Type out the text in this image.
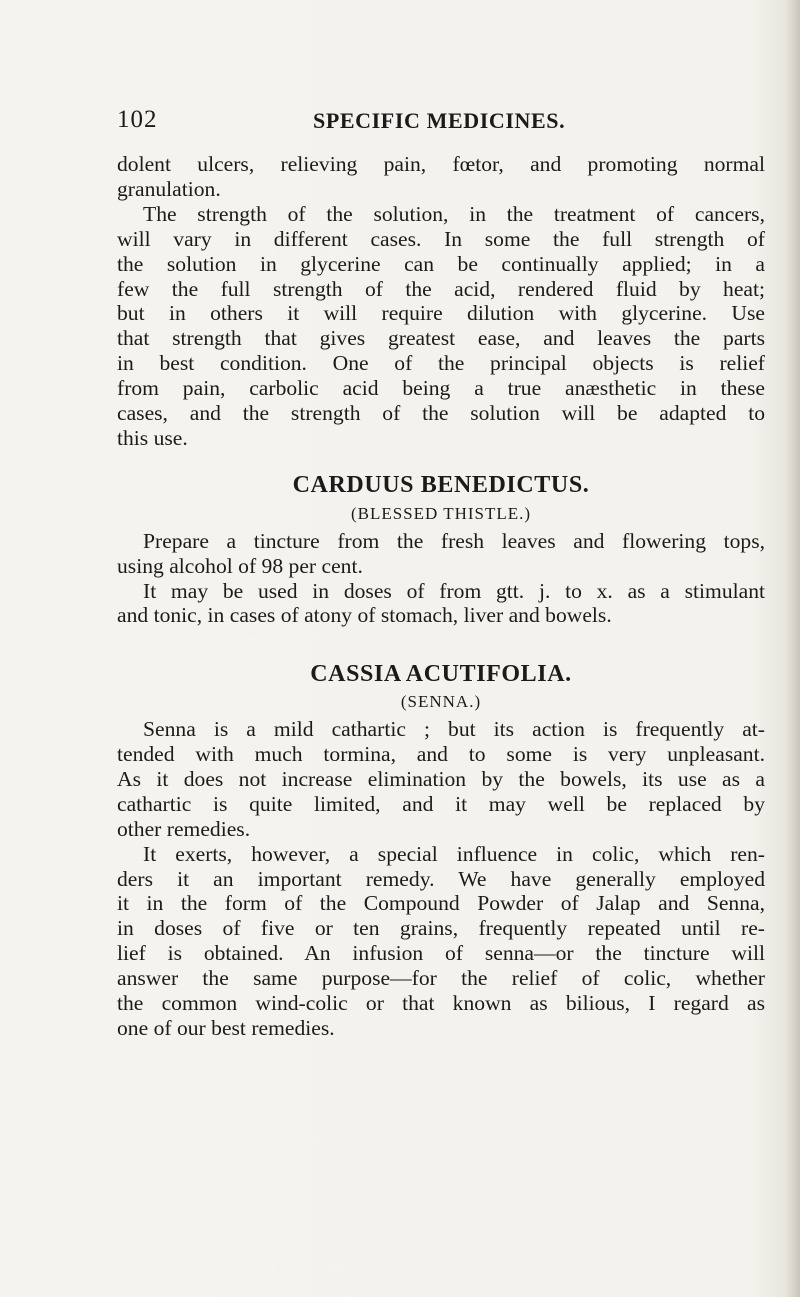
102	SPECIFIC MEDICINES.

dolent ulcers, relieving pain, fœtor, and promoting normal
granulation.

The strength of the solution, in the treatment of cancers,
will vary in different cases. In some the full strength of
the solution in glycerine can be continually applied; in a
few the full strength of the acid, rendered fluid by heat;
but in others it will require dilution with glycerine. Use
that strength that gives greatest ease, and leaves the parts
in best condition. One of the principal objects is relief
from pain, carbolic acid being a true anæsthetic in these
cases, and the strength of the solution will be adapted to
this use.

CARDUUS BENEDICTUS.
(BLESSED THISTLE.)

Prepare a tincture from the fresh leaves and flowering tops,
using alcohol of 98 per cent.

It may be used in doses of from gtt. j. to x. as a stimulant
and tonic, in cases of atony of stomach, liver and bowels.

CASSIA ACUTIFOLIA.
(SENNA.)

Senna is a mild cathartic ; but its action is frequently at-
tended with much tormina, and to some is very unpleasant.
As it does not increase elimination by the bowels, its use as a
cathartic is quite limited, and it may well be replaced by
other remedies.

It exerts, however, a special influence in colic, which ren-
ders it an important remedy. We have generally employed
it in the form of the Compound Powder of Jalap and Senna,
in doses of five or ten grains, frequently repeated until re-
lief is obtained. An infusion of senna—or the tincture will
answer the same purpose—for the relief of colic, whether
the common wind-colic or that known as bilious, I regard as
one of our best remedies.
